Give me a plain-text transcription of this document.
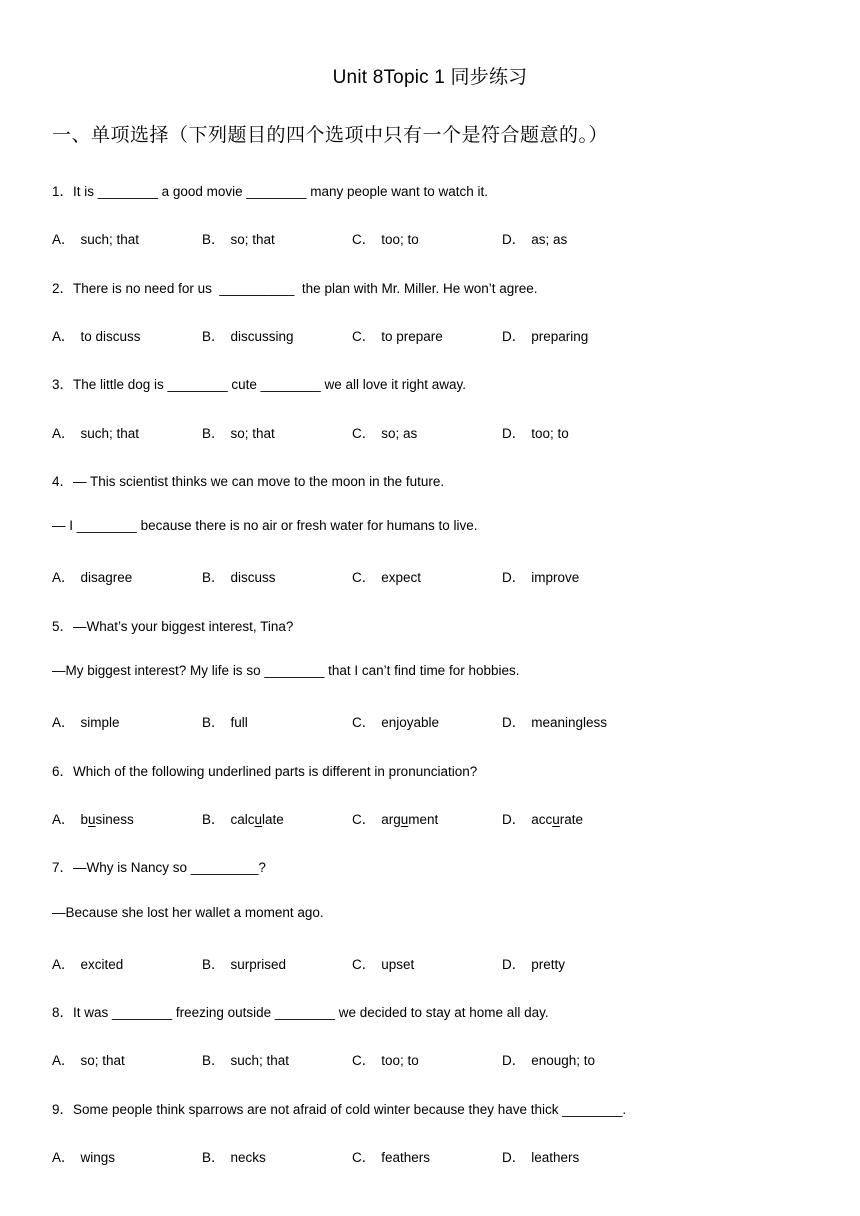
Unit 8Topic 1 同步练习
一、单项选择（下列题目的四个选项中只有一个是符合题意的。）
1．It is ________ a good movie ________ many people want to watch it.
A． such; that	B． so; that	C． too; to	D． as; as
2．There is no need for us  __________  the plan with Mr. Miller. He won’t agree.
A． to discuss	B． discussing	C． to prepare	D． preparing
3．The little dog is ________ cute ________ we all love it right away.
A． such; that	B． so; that	C． so; as	D． too; to
4．— This scientist thinks we can move to the moon in the future.
— I ________ because there is no air or fresh water for humans to live.
A． disagree	B． discuss	C． expect	D． improve
5．—What’s your biggest interest, Tina?
—My biggest interest? My life is so ________ that I can’t find time for hobbies.
A． simple	B． full	C． enjoyable	D． meaningless
6．Which of the following underlined parts is different in pronunciation?
A． business	B． calculate	C． argument	D． accurate
7．—Why is Nancy so _________?
—Because she lost her wallet a moment ago.
A． excited	B． surprised	C． upset	D． pretty
8．It was ________ freezing outside ________ we decided to stay at home all day.
A． so; that	B． such; that	C． too; to	D． enough; to
9．Some people think sparrows are not afraid of cold winter because they have thick ________.
A． wings	B． necks	C． feathers	D． leathers
